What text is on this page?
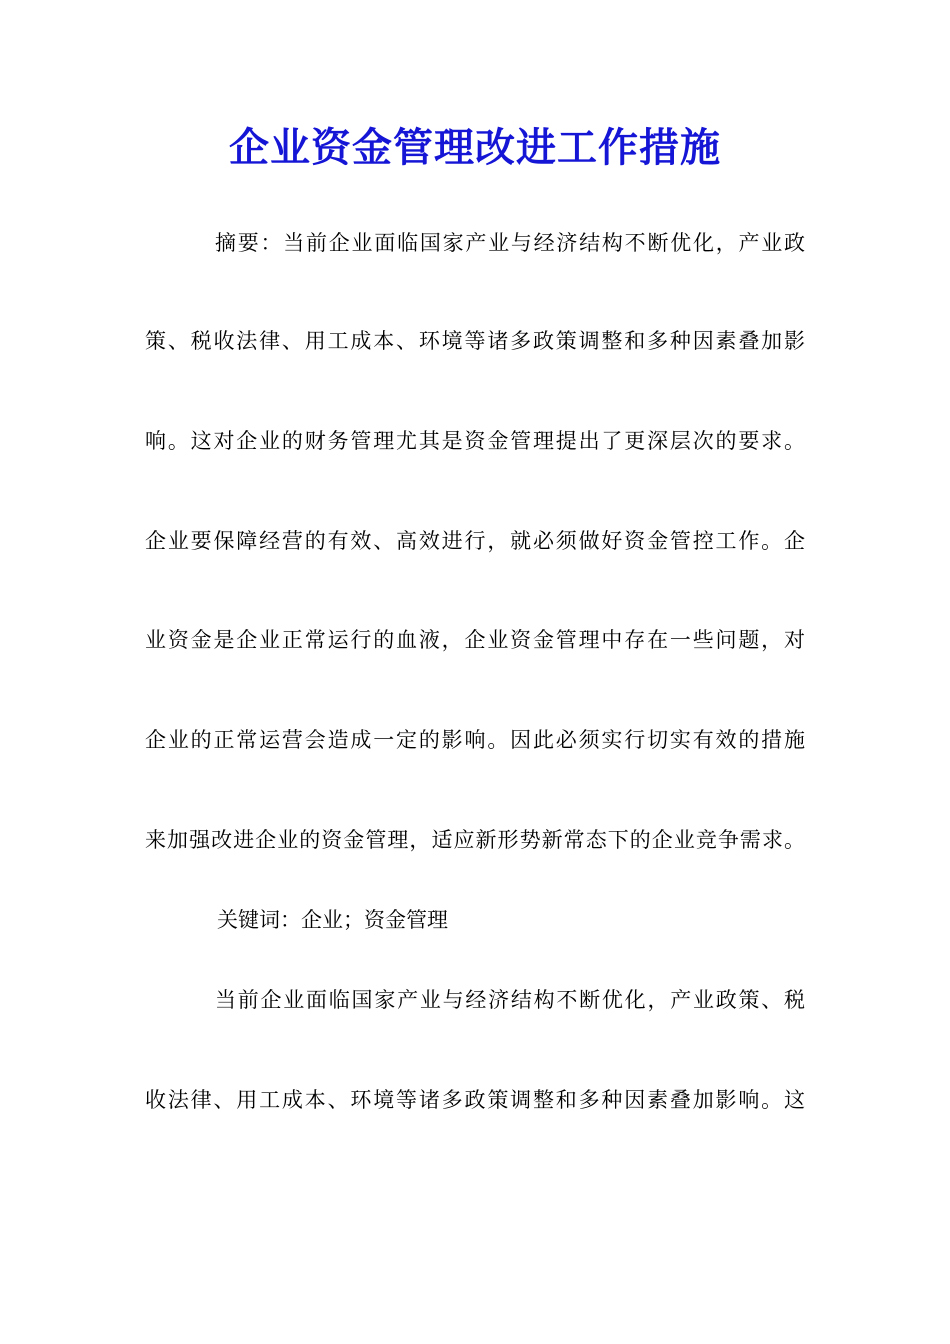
企业资金管理改进工作措施
摘要：当前企业面临国家产业与经济结构不断优化，产业政
策、税收法律、用工成本、环境等诸多政策调整和多种因素叠加影
响。这对企业的财务管理尤其是资金管理提出了更深层次的要求。
企业要保障经营的有效、高效进行，就必须做好资金管控工作。企
业资金是企业正常运行的血液，企业资金管理中存在一些问题，对
企业的正常运营会造成一定的影响。因此必须实行切实有效的措施
来加强改进企业的资金管理，适应新形势新常态下的企业竞争需求。
关键词：企业；资金管理
当前企业面临国家产业与经济结构不断优化，产业政策、税
收法律、用工成本、环境等诸多政策调整和多种因素叠加影响。这
